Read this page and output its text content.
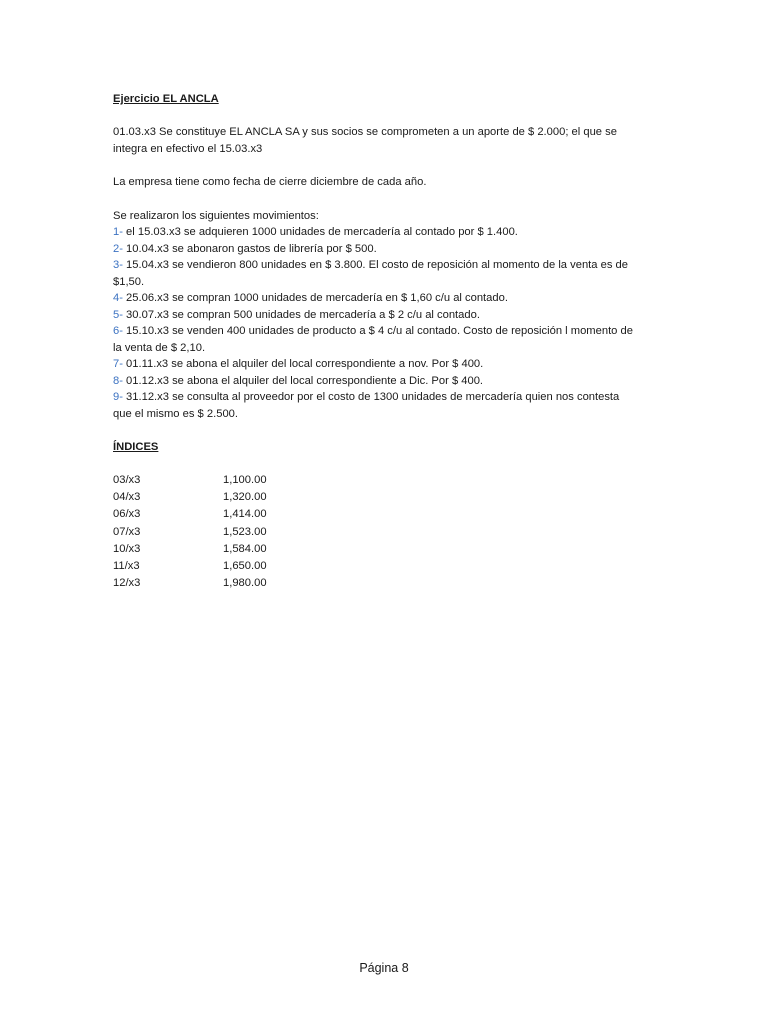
Ejercicio EL ANCLA
01.03.x3 Se constituye EL ANCLA SA y sus socios se comprometen a un aporte de $ 2.000; el que se integra en efectivo el 15.03.x3
La empresa tiene como fecha de cierre diciembre de cada año.
Se realizaron los siguientes movimientos:
1- el 15.03.x3 se adquieren 1000 unidades de mercadería al contado por $ 1.400.
2- 10.04.x3 se abonaron gastos de librería por $ 500.
3- 15.04.x3 se vendieron 800 unidades en $ 3.800. El costo de reposición al momento de la venta es de $1,50.
4- 25.06.x3 se compran 1000 unidades de mercadería en $ 1,60 c/u al contado.
5- 30.07.x3 se compran 500 unidades de mercadería a $ 2 c/u al contado.
6- 15.10.x3 se venden 400 unidades de producto a $ 4 c/u al contado. Costo de reposición l momento de la venta de $ 2,10.
7- 01.11.x3 se abona el alquiler del local correspondiente a nov. Por $ 400.
8- 01.12.x3 se abona el alquiler del local correspondiente a Dic. Por $ 400.
9- 31.12.x3 se consulta al proveedor por el costo de 1300 unidades de mercadería quien nos contesta que el mismo es $ 2.500.
ÍNDICES
03/x3	1,100.00
04/x3	1,320.00
06/x3	1,414.00
07/x3	1,523.00
10/x3	1,584.00
11/x3	1,650.00
12/x3	1,980.00
Página 8
